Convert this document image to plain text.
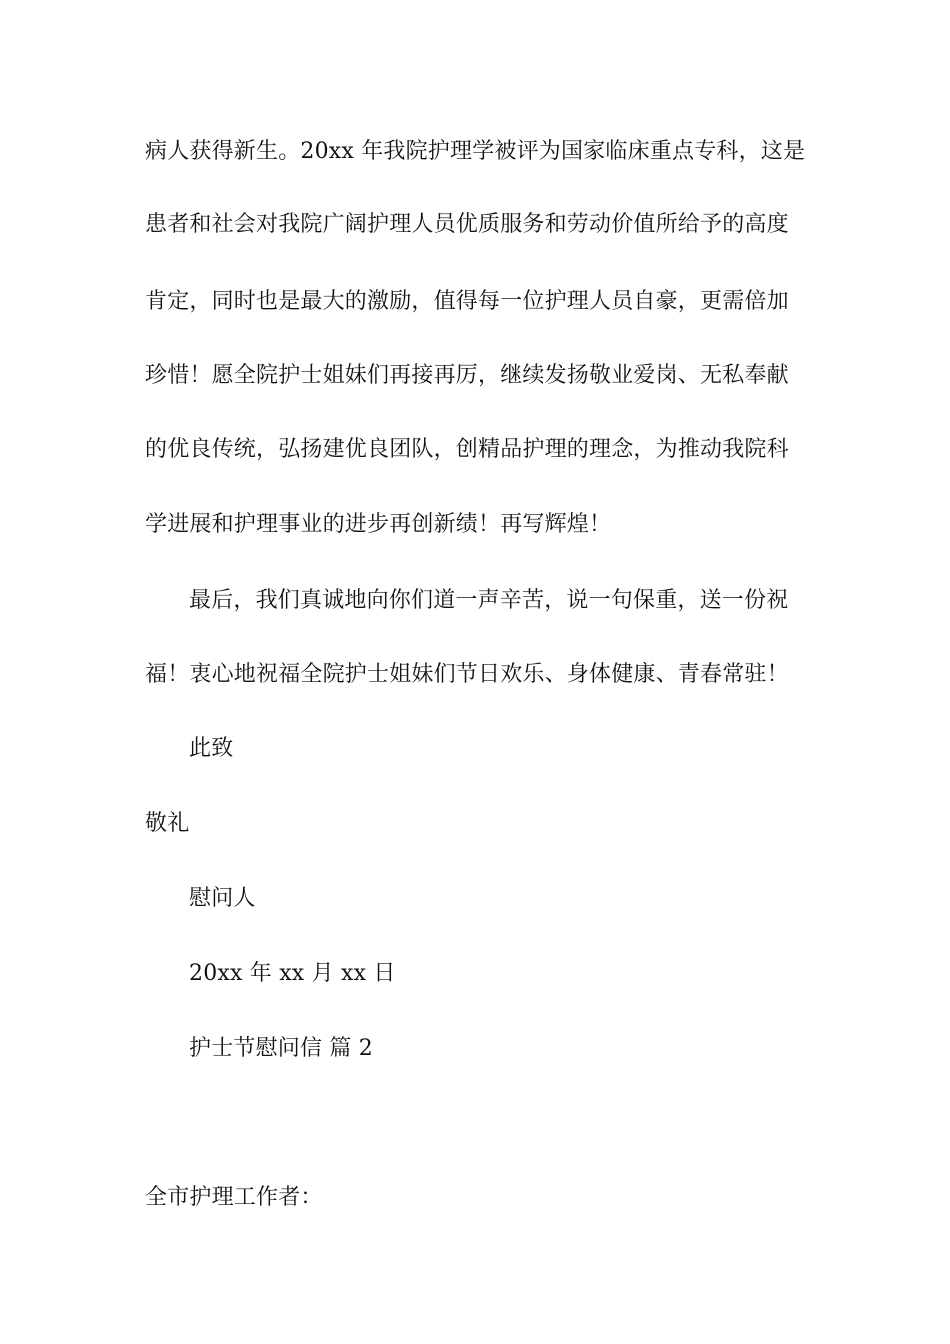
病人获得新生。20xx 年我院护理学被评为国家临床重点专科，这是
患者和社会对我院广阔护理人员优质服务和劳动价值所给予的高度
肯定，同时也是最大的激励，值得每一位护理人员自豪，更需倍加
珍惜！愿全院护士姐妹们再接再厉，继续发扬敬业爱岗、无私奉献
的优良传统，弘扬建优良团队，创精品护理的理念，为推动我院科
学进展和护理事业的进步再创新绩！再写辉煌！
最后，我们真诚地向你们道一声辛苦，说一句保重，送一份祝
福！衷心地祝福全院护士姐妹们节日欢乐、身体健康、青春常驻！
此致
敬礼
慰问人
20xx 年 xx 月 xx 日
护士节慰问信 篇 2
全市护理工作者：
